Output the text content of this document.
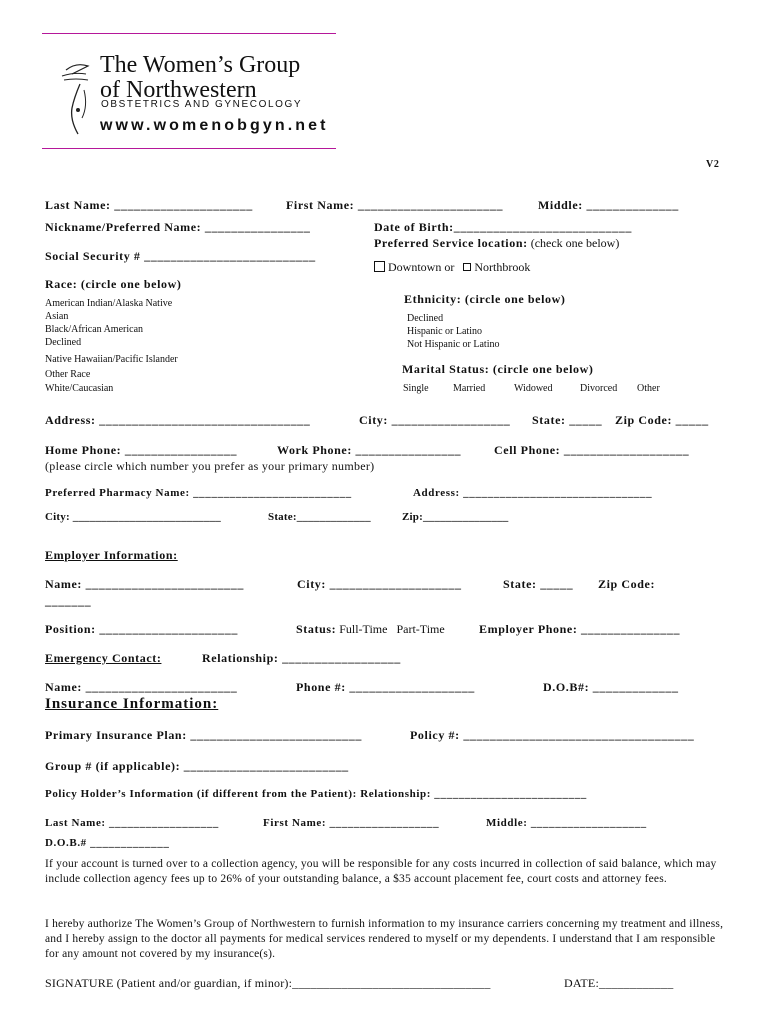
The Women’s Group
of Northwestern
OBSTETRICS AND GYNECOLOGY
www.womenobgyn.net
V2
Last Name: _____________________	First Name: ______________________	Middle: ______________
Nickname/Preferred Name: ________________	Date of Birth:___________________________
Preferred Service location: (check one below)
Social Security # __________________________
Downtown or Northbrook
Race: (circle one below)
American Indian/Alaska Native
Asian
Black/African American
Declined
Native Hawaiian/Pacific Islander
Other Race
White/Caucasian
Ethnicity: (circle one below)
Declined
Hispanic or Latino
Not Hispanic or Latino
Marital Status: (circle one below)
Single Married	Widowed	Divorced Other
Address: ________________________________	City: __________________ State: _____ Zip Code: _____
Home Phone: _________________	Work Phone: ________________	Cell Phone: ___________________
(please circle which number you prefer as your primary number)
Preferred Pharmacy Name: __________________________	Address: _______________________________
City: __________________________	State:_____________	Zip:_______________
Employer Information:
Name: ________________________	City: ____________________	State: _____ Zip Code:
_______
Position: _____________________	Status: Full-Time   Part-Time	Employer Phone: _______________
Emergency Contact:	Relationship: __________________
Name: _______________________	Phone #: ___________________	D.O.B#: _____________
Insurance Information:
Primary Insurance Plan: __________________________	Policy #: ___________________________________
Group # (if applicable): _________________________
Policy Holder’s Information (if different from the Patient): Relationship: _________________________
Last Name: __________________	First Name: __________________	Middle: ___________________
D.O.B.# _____________
If your account is turned over to a collection agency, you will be responsible for any costs incurred in collection of said balance, which may include collection agency fees up to 26% of your outstanding balance, a $35 account placement fee, court costs and attorney fees.
I hereby authorize The Women’s Group of Northwestern to furnish information to my insurance carriers concerning my treatment and illness, and I hereby assign to the doctor all payments for medical services rendered to myself or my dependents. I understand that I am responsible for any amount not covered by my insurance(s).
SIGNATURE (Patient and/or guardian, if minor):________________________________	DATE:____________
